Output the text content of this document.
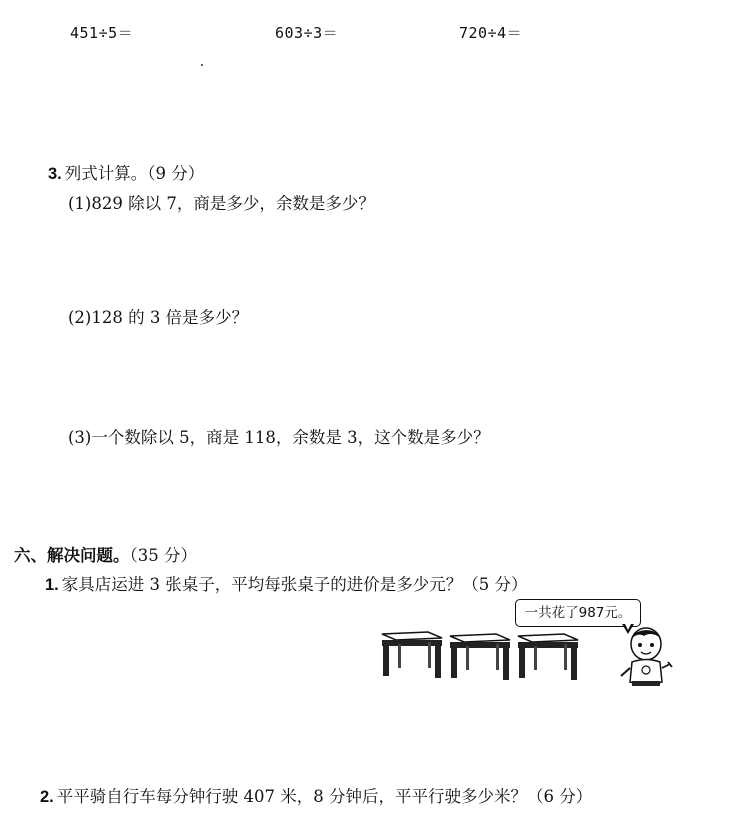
451÷5＝	603÷3＝	720÷4＝
3. 列式计算。（9 分）
(1)829 除以 7，商是多少，余数是多少？
(2)128 的 3 倍是多少？
(3)一个数除以 5，商是 118，余数是 3，这个数是多少？
六、解决问题。（35 分）
1. 家具店运进 3 张桌子，平均每张桌子的进价是多少元？（5 分）
一共花了987元。
2. 平平骑自行车每分钟行驶 407 米，8 分钟后，平平行驶多少米？（6 分）
